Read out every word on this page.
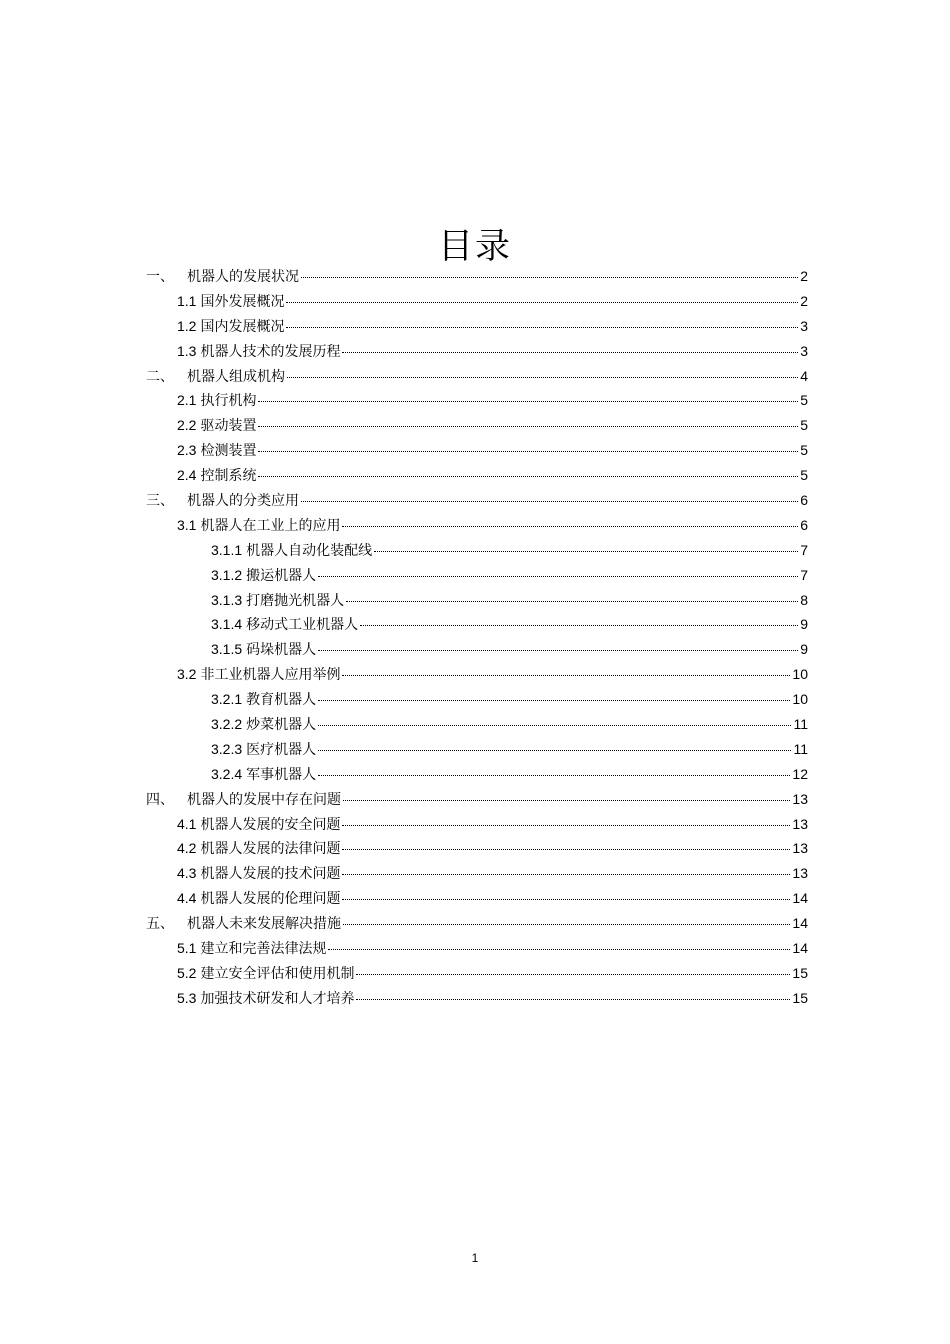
目录
一、 机器人的发展状况	2
1.1 国外发展概况	2
1.2 国内发展概况	3
1.3 机器人技术的发展历程	3
二、 机器人组成机构	4
2.1 执行机构	5
2.2 驱动装置	5
2.3 检测装置	5
2.4 控制系统	5
三、 机器人的分类应用	6
3.1 机器人在工业上的应用	6
3.1.1 机器人自动化装配线	7
3.1.2 搬运机器人	7
3.1.3 打磨抛光机器人	8
3.1.4 移动式工业机器人	9
3.1.5 码垛机器人	9
3.2 非工业机器人应用举例	10
3.2.1 教育机器人	10
3.2.2 炒菜机器人	11
3.2.3 医疗机器人	11
3.2.4 军事机器人	12
四、 机器人的发展中存在问题	13
4.1 机器人发展的安全问题	13
4.2 机器人发展的法律问题	13
4.3 机器人发展的技术问题	13
4.4 机器人发展的伦理问题	14
五、 机器人未来发展解决措施	14
5.1 建立和完善法律法规	14
5.2 建立安全评估和使用机制	15
5.3 加强技术研发和人才培养	15
1
